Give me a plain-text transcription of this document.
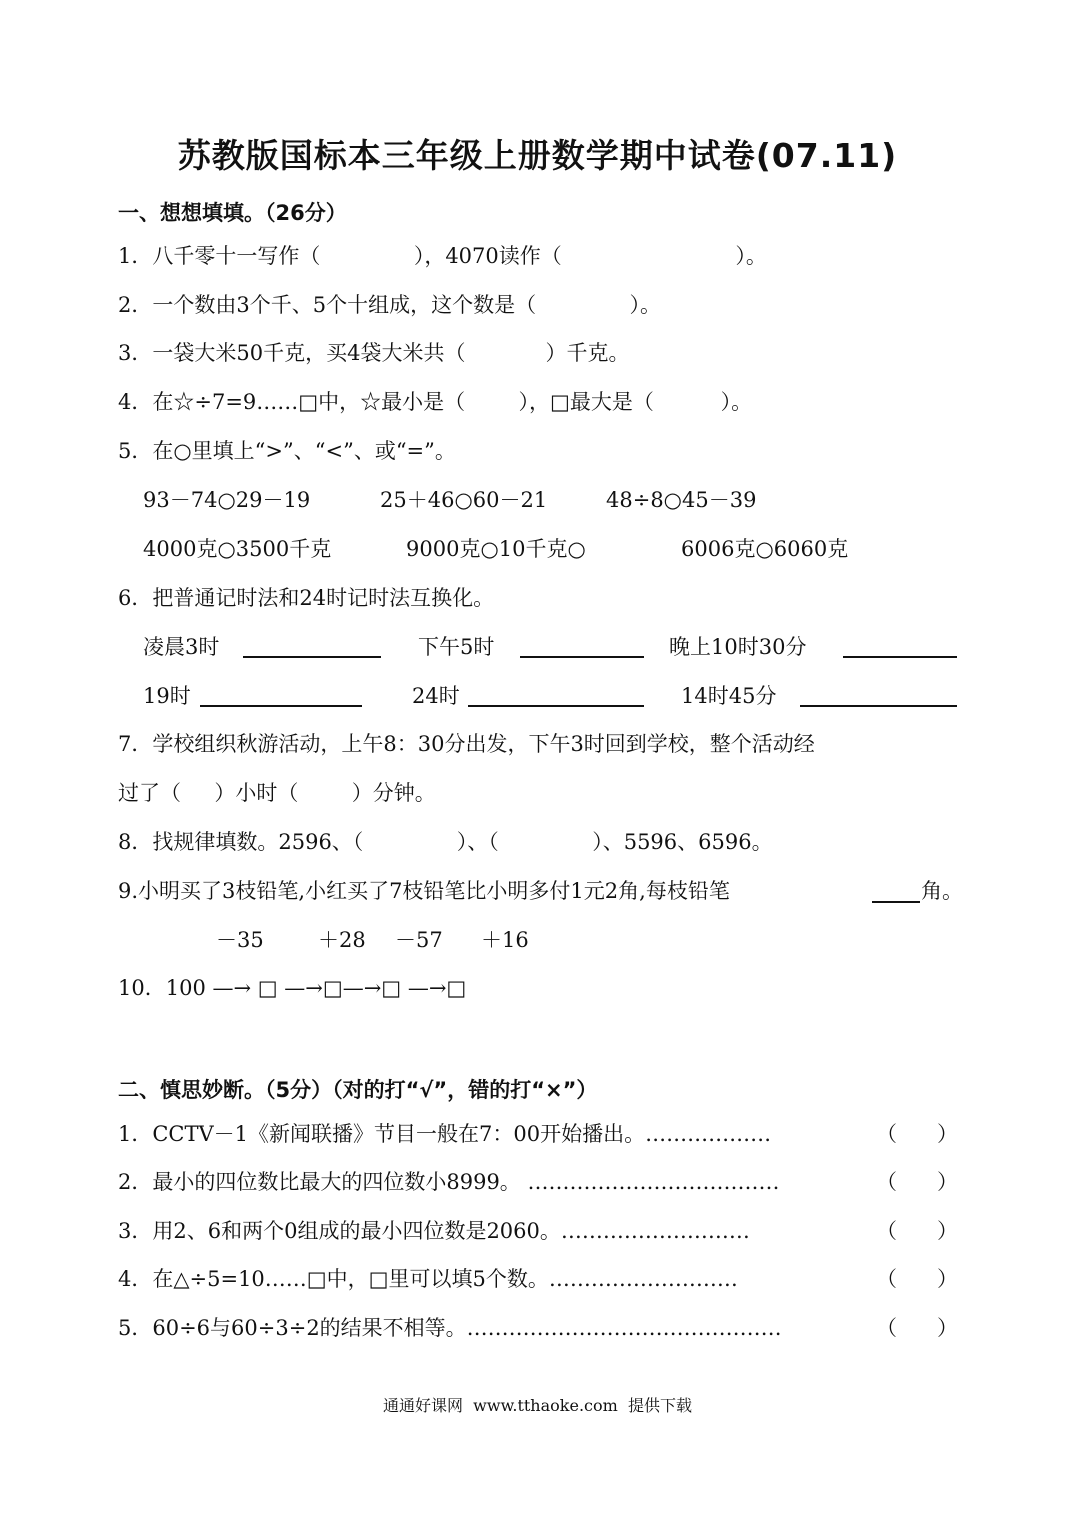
苏教版国标本三年级上册数学期中试卷(07.11)
一、想想填填。（26分）
1．八千零十一写作（              ），4070读作（                          ）。
2．一个数由3个千、5个十组成，这个数是（              ）。
3．一袋大米50千克，买4袋大米共（            ）千克。
4．在☆÷7=9……□中，☆最小是（        ），□最大是（          ）。
5．在○里填上“>”、“<”、或“=”。
93－74○29－19	25＋46○60－21	48÷8○45－39
4000克○3500千克	9000克○10千克○	6006克○6060克
6．把普通记时法和24时记时法互换化。
凌晨3时	下午5时	晚上10时30分
19时	24时	14时45分
7．学校组织秋游活动，上午8：30分出发，下午3时回到学校，整个活动经
过了（     ）小时（        ）分钟。
8．找规律填数。2596、（              ）、（              ）、5596、6596。
9.小明买了3枝铅笔,小红买了7枝铅笔比小明多付1元2角,每枝铅笔	角。
－35	＋28 －57 ＋16
10．100 —→ □ —→□—→□ —→□
二、慎思妙断。（5分）（对的打“√”，错的打“×”）
1．CCTV－1《新闻联播》节目一般在7：00开始播出。………………	（      ）
2．最小的四位数比最大的四位数小8999。 ………………………………	（      ）
3．用2、6和两个0组成的最小四位数是2060。………………………	（      ）
4．在△÷5=10……□中，□里可以填5个数。………………………	（      ）
5．60÷6与60÷3÷2的结果不相等。………………………………………	（      ）
通通好课网  www.tthaoke.com  提供下载
